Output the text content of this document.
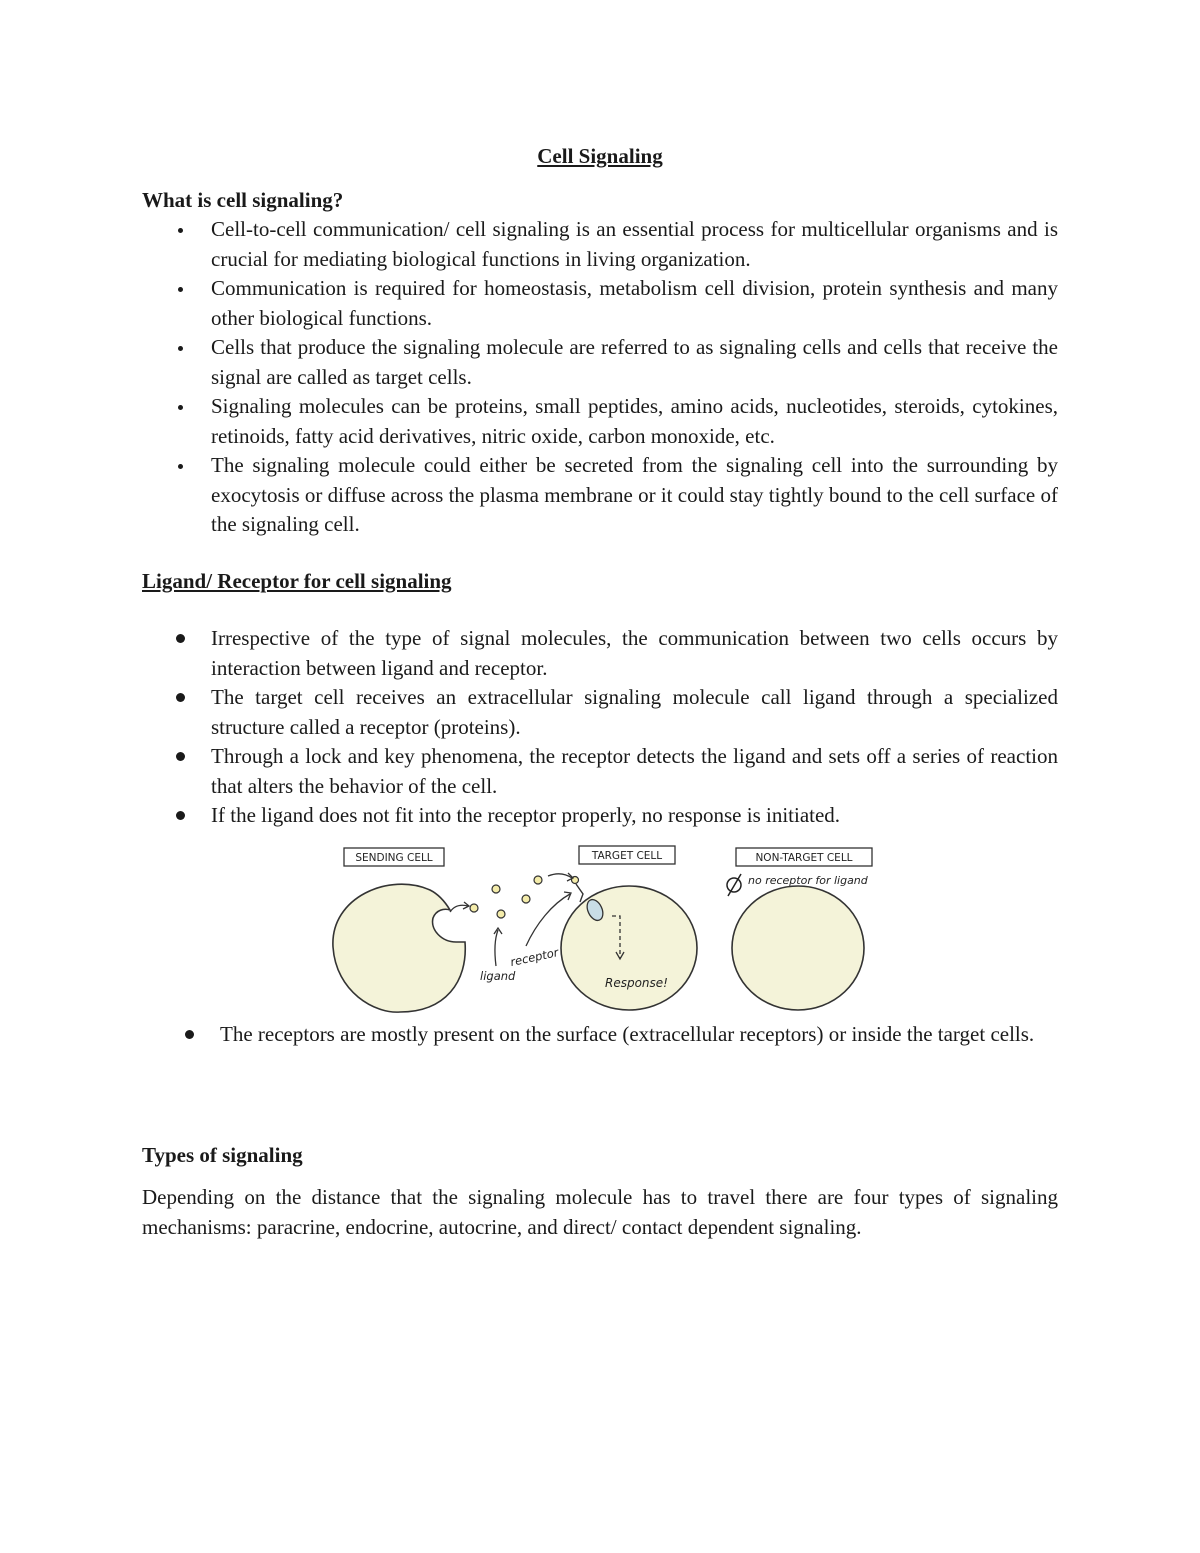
Cell Signaling
What is cell signaling?
Cell-to-cell communication/ cell signaling is an essential process for multicellular organisms and is crucial for mediating biological functions in living organization.
Communication is required for homeostasis, metabolism cell division, protein synthesis and many other biological functions.
Cells that produce the signaling molecule are referred to as signaling cells and cells that receive the signal are called as target cells.
Signaling molecules can be proteins, small peptides, amino acids, nucleotides, steroids, cytokines, retinoids, fatty acid derivatives, nitric oxide, carbon monoxide, etc.
The signaling molecule could either be secreted from the signaling cell into the surrounding by exocytosis or diffuse across the plasma membrane or it could stay tightly bound to the cell surface of the signaling cell.
Ligand/ Receptor for cell signaling
Irrespective of the type of signal molecules, the communication between two cells occurs by interaction between ligand and receptor.
The target cell receives an extracellular signaling molecule call ligand through a specialized structure called a receptor (proteins).
Through a lock and key phenomena, the receptor detects the ligand and sets off a series of reaction that alters the behavior of the cell.
If the ligand does not fit into the receptor properly, no response is initiated.
SENDING CELL	TARGET CELL	NON-TARGET CELL
no receptor for ligand
Response!
ligand
receptor
The receptors are mostly present on the surface (extracellular receptors) or inside the target cells.
Types of signaling
Depending on the distance that the signaling molecule has to travel there are four types of signaling mechanisms: paracrine, endocrine, autocrine, and direct/ contact dependent signaling.
